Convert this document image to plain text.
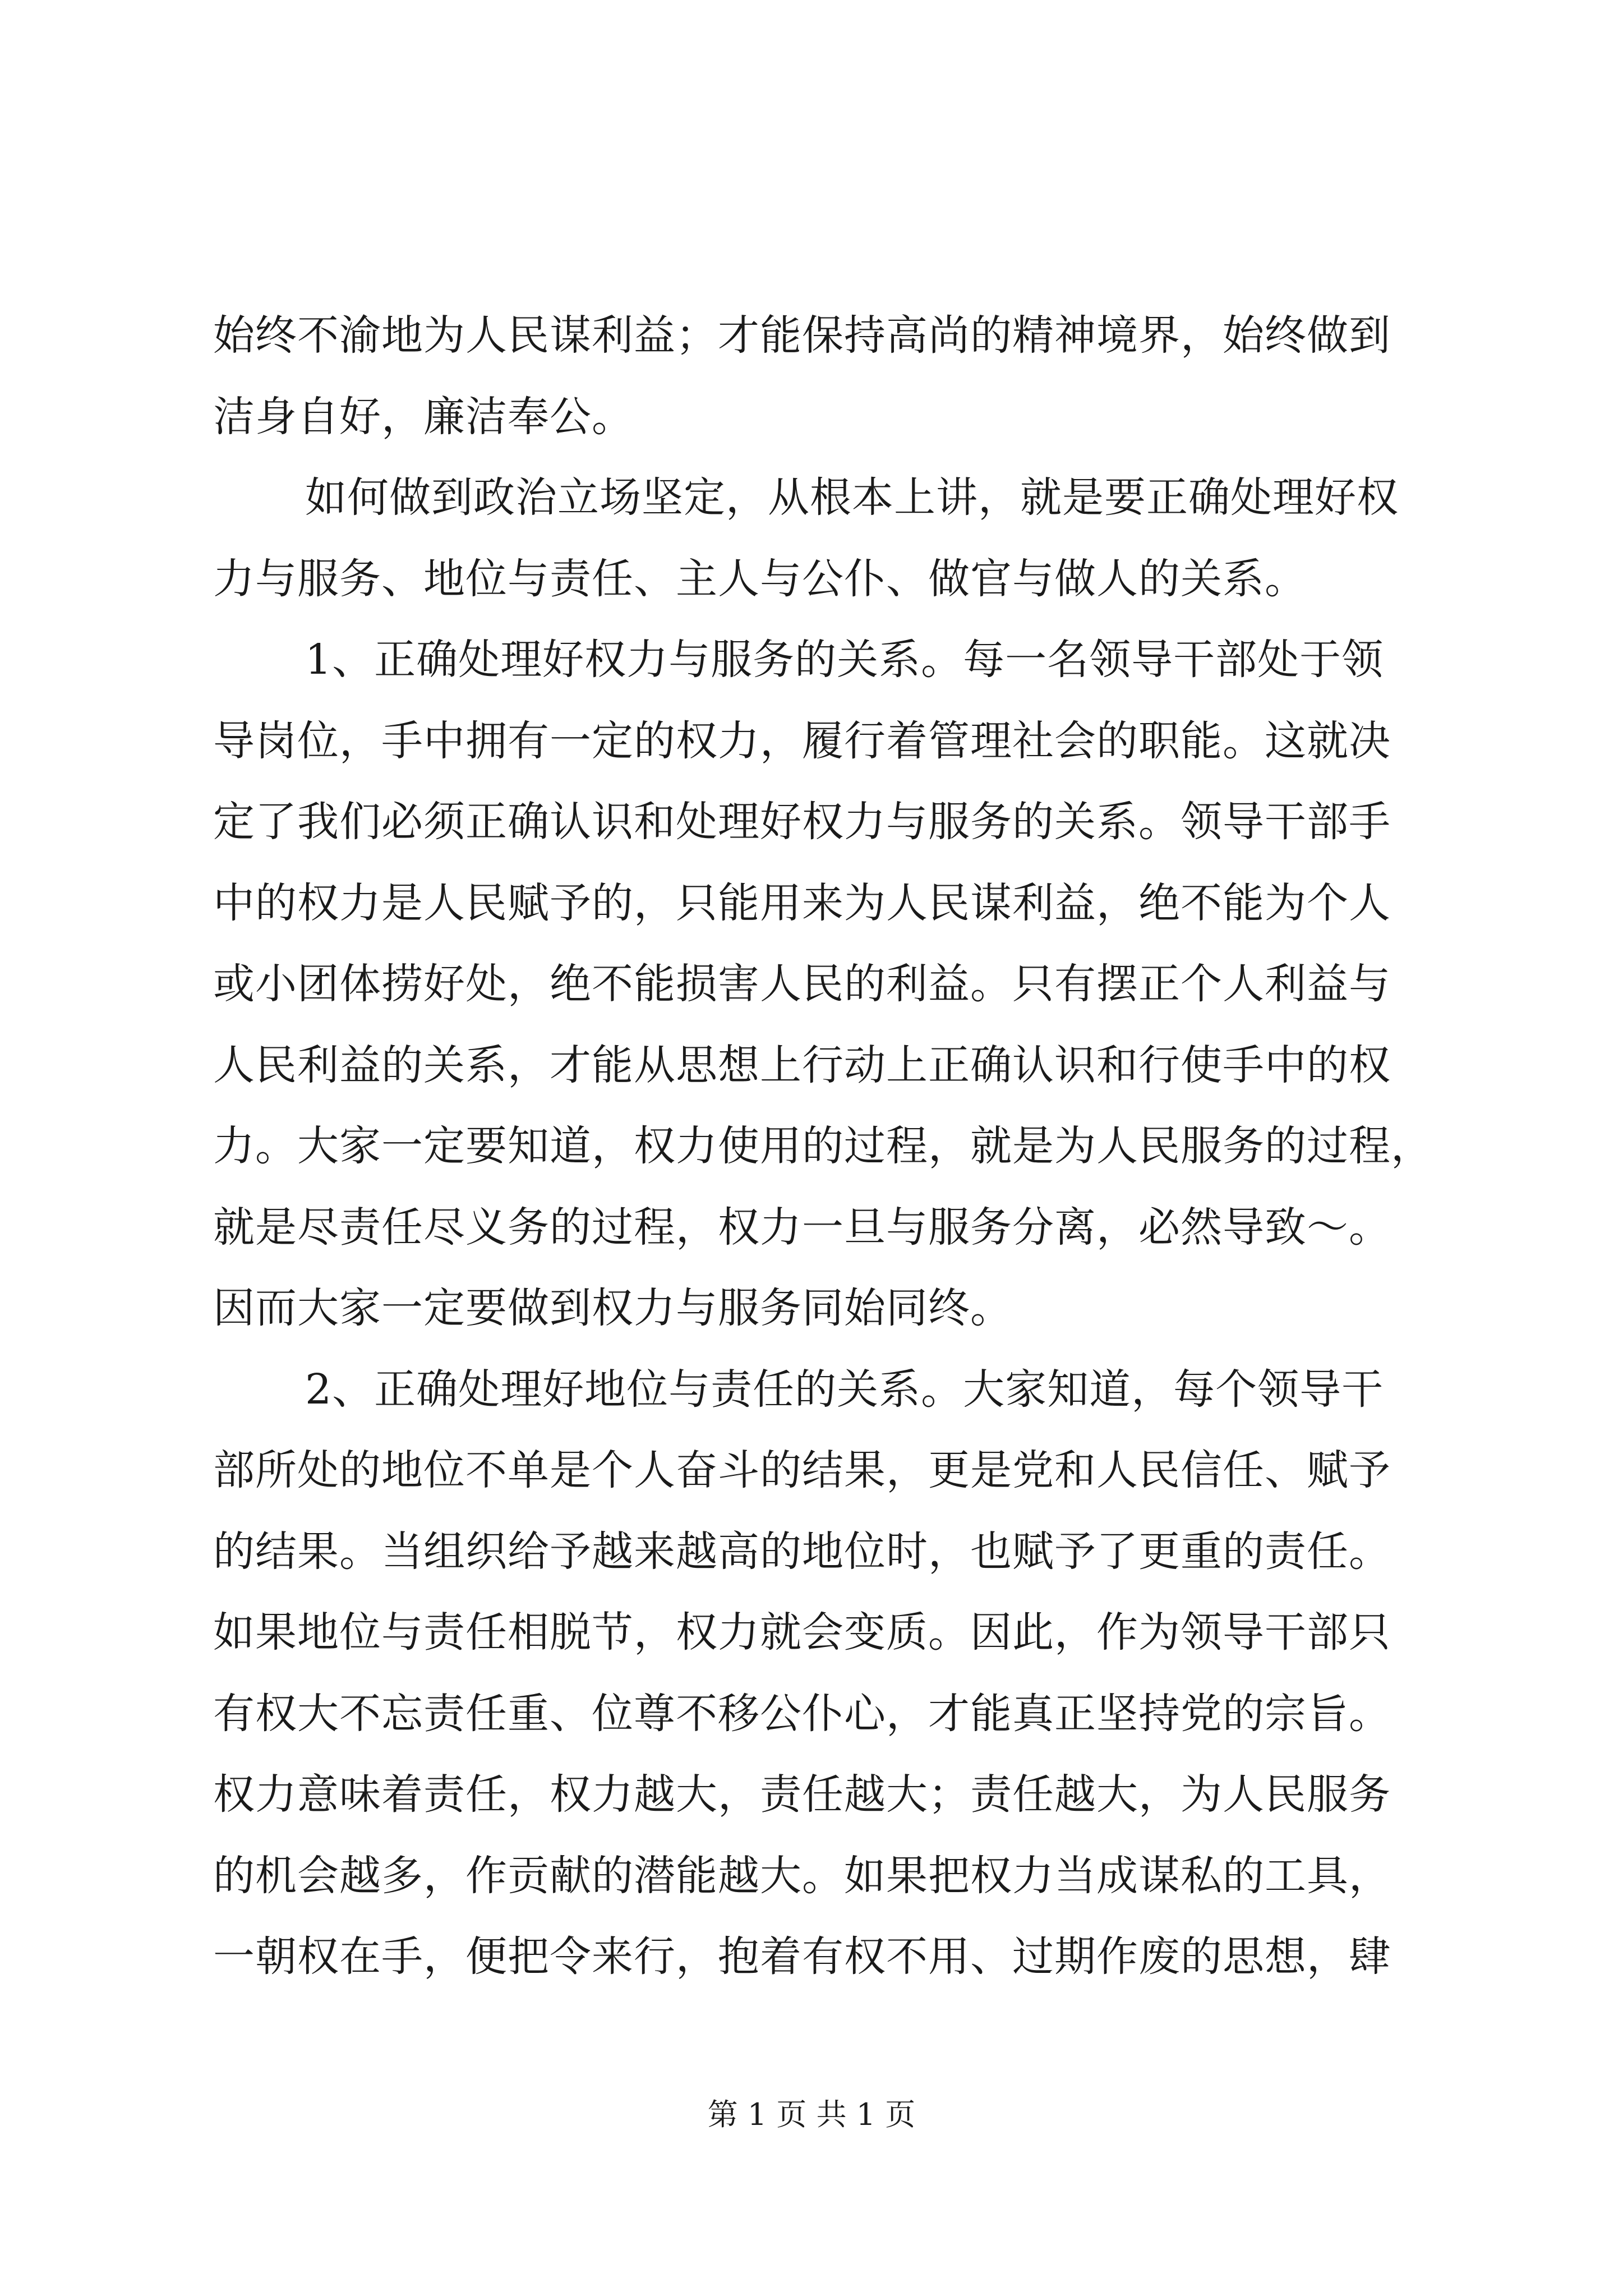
始终不渝地为人民谋利益；才能保持高尚的精神境界，始终做到
洁身自好，廉洁奉公。
如何做到政治立场坚定，从根本上讲，就是要正确处理好权
力与服务、地位与责任、主人与公仆、做官与做人的关系。
1、正确处理好权力与服务的关系。每一名领导干部处于领
导岗位，手中拥有一定的权力，履行着管理社会的职能。这就决
定了我们必须正确认识和处理好权力与服务的关系。领导干部手
中的权力是人民赋予的，只能用来为人民谋利益，绝不能为个人
或小团体捞好处，绝不能损害人民的利益。只有摆正个人利益与
人民利益的关系，才能从思想上行动上正确认识和行使手中的权
力。大家一定要知道，权力使用的过程，就是为人民服务的过程，
就是尽责任尽义务的过程，权力一旦与服务分离，必然导致～。
因而大家一定要做到权力与服务同始同终。
2、正确处理好地位与责任的关系。大家知道，每个领导干
部所处的地位不单是个人奋斗的结果，更是党和人民信任、赋予
的结果。当组织给予越来越高的地位时，也赋予了更重的责任。
如果地位与责任相脱节，权力就会变质。因此，作为领导干部只
有权大不忘责任重、位尊不移公仆心，才能真正坚持党的宗旨。
权力意味着责任，权力越大，责任越大；责任越大，为人民服务
的机会越多，作贡献的潜能越大。如果把权力当成谋私的工具，
一朝权在手，便把令来行，抱着有权不用、过期作废的思想，肆
第 1 页 共 1 页
